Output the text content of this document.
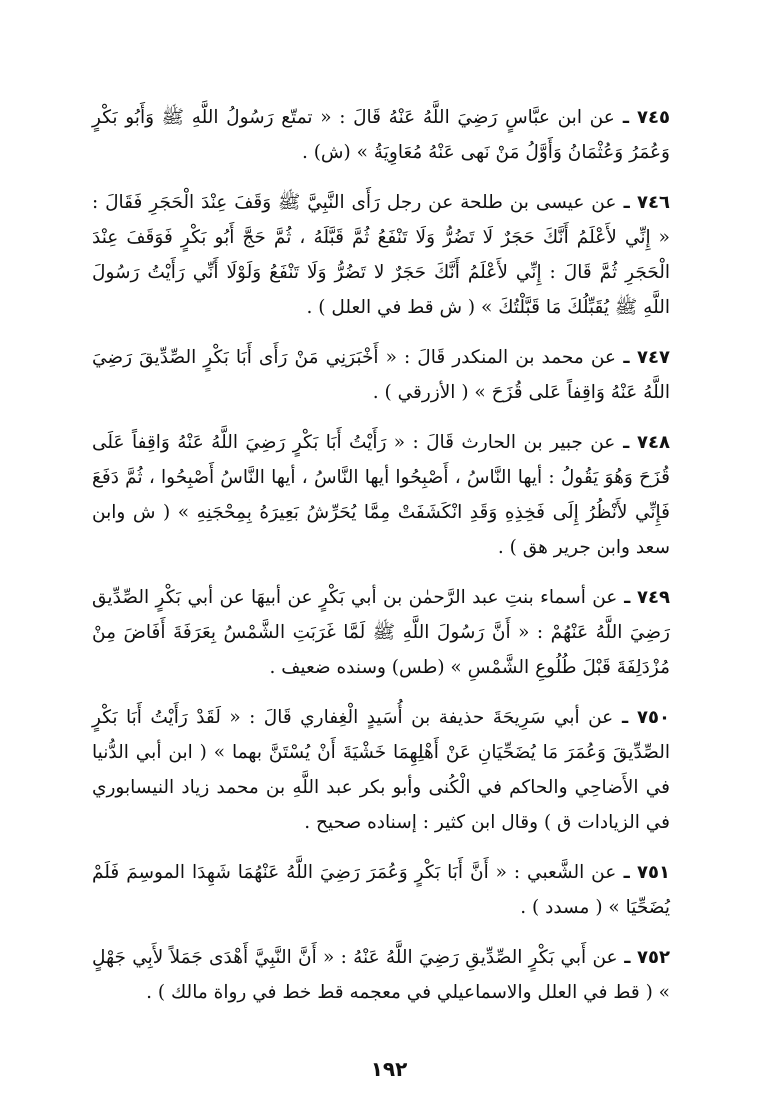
٧٤٥ ـ عن ابن عبَّاسٍ رَضِيَ اللَّهُ عَنْهُ قَالَ : « تمتّع رَسُولُ اللَّهِ ﷺ وَأَبُو بَكْرٍ وَعُمَرُ وَعُثْمَانُ وَأَوَّلُ مَنْ نَهى عَنْهُ مُعَاوِيَةُ » (ش) .

٧٤٦ ـ عن عيسى بن طلحة عن رجل رَأَى النَّبِيَّ ﷺ وَقَفَ عِنْدَ الْحَجَرِ فَقَالَ : « إِنِّي لأَعْلَمُ أَنَّكَ حَجَرٌ لَا تَضُرُّ وَلَا تَنْفَعُ ثُمَّ قَبَّلَهُ ، ثُمَّ حَجَّ أَبُو بَكْرٍ فَوَقَفَ عِنْدَ الْحَجَرِ ثُمَّ قَالَ : إِنِّي لأَعْلَمُ أَنَّكَ حَجَرٌ لا تَضُرُّ وَلَا تَنْفَعُ وَلَوْلَا أَنِّي رَأَيْتُ رَسُولَ اللَّهِ ﷺ يُقَبِّلُكَ مَا قَبَّلْتُكَ » ( ش قط في العلل ) .

٧٤٧ ـ عن محمد بن المنكدر قَالَ : « أَخْبَرَنِي مَنْ رَأَى أَبَا بَكْرٍ الصِّدِّيقَ رَضِيَ اللَّهُ عَنْهُ وَاقِفاً عَلى قُزَحَ » ( الأزرقي ) .

٧٤٨ ـ عن جبير بن الحارث قَالَ : « رَأَيْتُ أَبَا بَكْرٍ رَضِيَ اللَّهُ عَنْهُ وَاقِفاً عَلَى قُزَحَ وَهُوَ يَقُولُ : أيها النَّاسُ ، أَصْبِحُوا أيها النَّاسُ ، أيها النَّاسُ أَصْبِحُوا ، ثُمَّ دَفَعَ فَإِنِّي لأَنْظُرُ إِلَى فَخِذِهِ وَقَدِ انْكَشَفَتْ مِمَّا يُحَرِّشُ بَعِيرَهُ بِمِحْجَنِهِ » ( ش وابن سعد وابن جرير هق ) .

٧٤٩ ـ عن أسماء بنتِ عبد الرَّحمٰن بن أبي بَكْرٍ عن أبيهَا عن أبي بَكْرٍ الصِّدِّيق رَضِيَ اللَّهُ عَنْهُمْ : « أَنَّ رَسُولَ اللَّهِ ﷺ لَمَّا غَرَبَتِ الشَّمْسُ بِعَرَفَةَ أَفَاضَ مِنْ مُزْدَلِفَةَ قَبْلَ طُلُوعِ الشَّمْسِ » (طس) وسنده ضعيف .

٧٥٠ ـ عن أبي سَرِيحَةَ حذيفة بن أُسَيدٍ الْغِفاري قَالَ : « لَقَدْ رَأَيْتُ أَبَا بَكْرٍ الصِّدِّيقَ وَعُمَرَ مَا يُضَحِّيَانِ عَنْ أَهْلِهِمَا خَشْيَةَ أَنْ يُسْتَنَّ بهما » ( ابن أبي الدُّنيا في الأَضاحِي والحاكم في الْكُنى وأبو بكر عبد اللَّهِ بن محمد زياد النيسابوري في الزيادات ق ) وقال ابن كثير : إسناده صحيح .

٧٥١ ـ عن الشَّعبي : « أَنَّ أَبَا بَكْرٍ وَعُمَرَ رَضِيَ اللَّهُ عَنْهُمَا شَهِدَا الموسِمَ فَلَمْ يُضَحِّيَا » ( مسدد ) .

٧٥٢ ـ عن أَبي بَكْرٍ الصِّدِّيقِ رَضِيَ اللَّهُ عَنْهُ : « أَنَّ النَّبِيَّ أَهْدَى جَمَلاً لأَبِي جَهْلٍ » ( قط في العلل والاسماعيلي في معجمه قط خط في رواة مالك ) .

١٩٢
